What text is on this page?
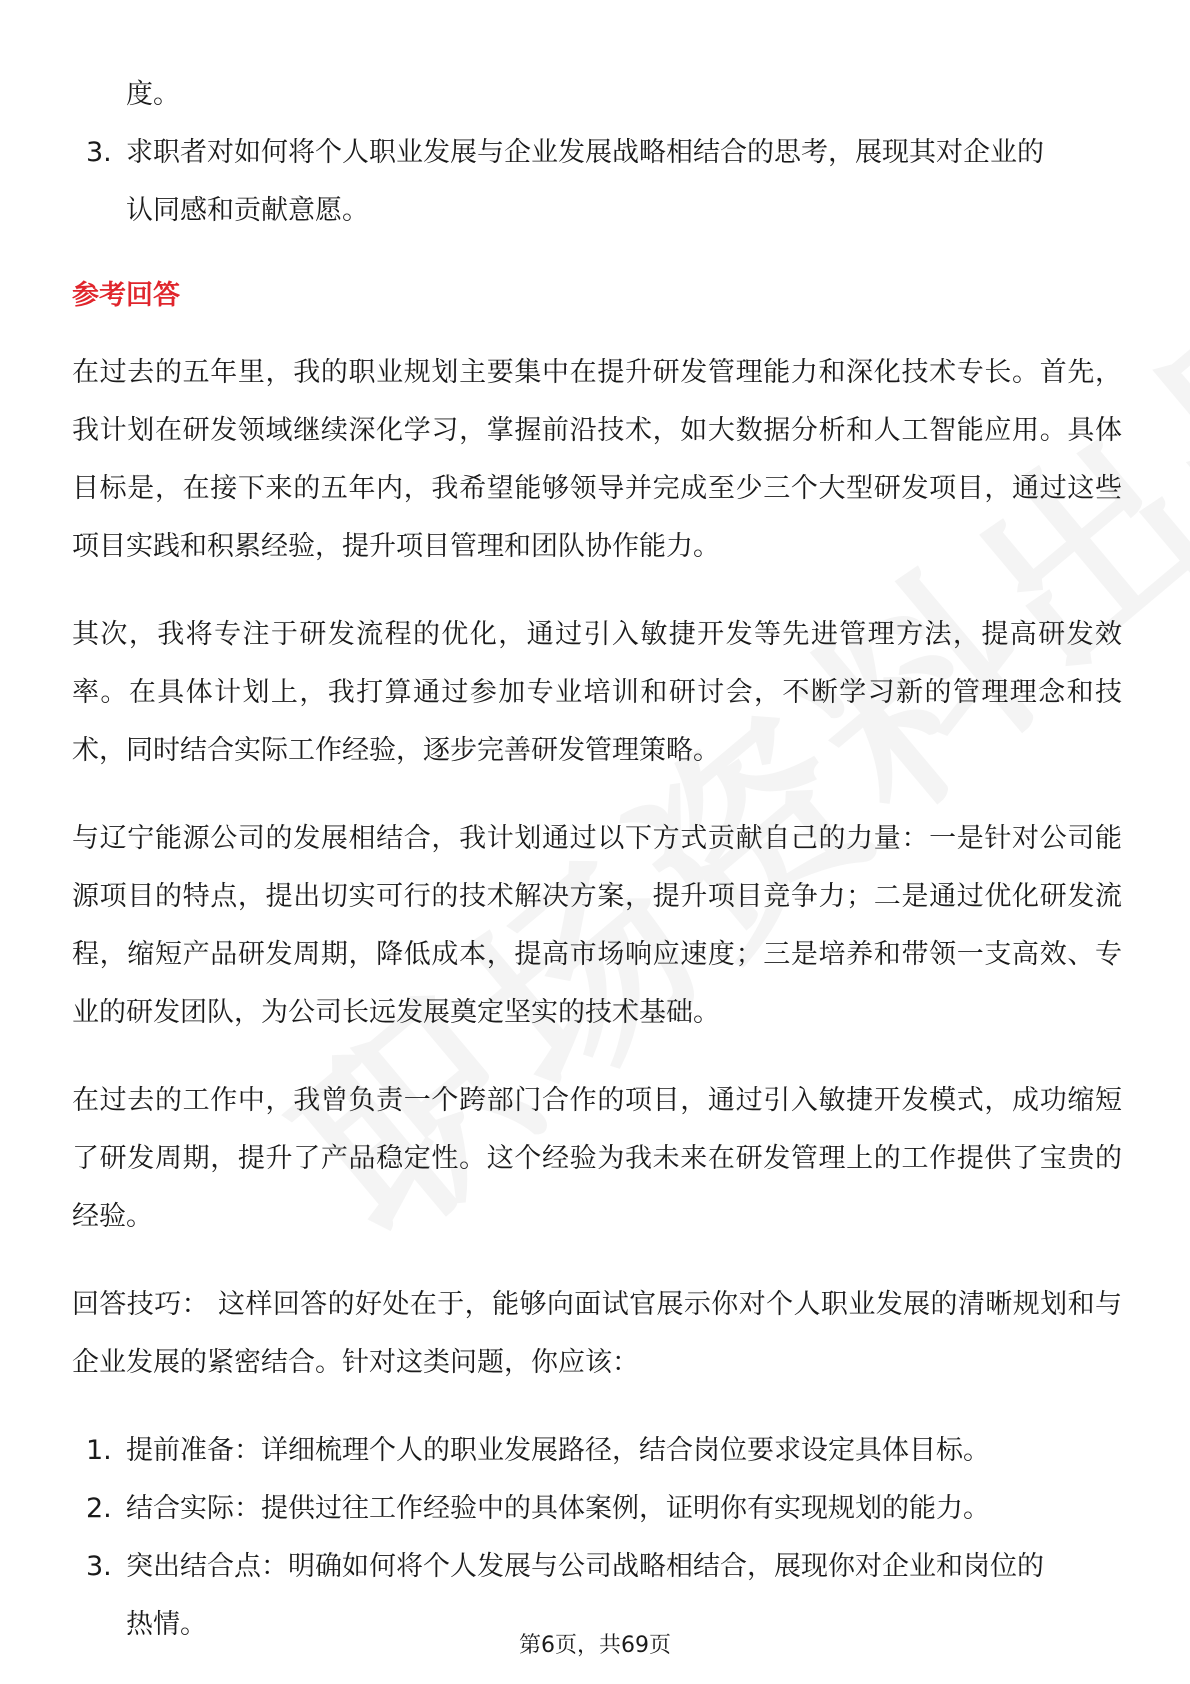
度。

3. 求职者对如何将个人职业发展与企业发展战略相结合的思考，展现其对企业的

认同感和贡献意愿。

参考回答

在过去的五年里，我的职业规划主要集中在提升研发管理能力和深化技术专长。首先，我计划在研发领域继续深化学习，掌握前沿技术，如大数据分析和人工智能应用。具体目标是，在接下来的五年内，我希望能够领导并完成至少三个大型研发项目，通过这些项目实践和积累经验，提升项目管理和团队协作能力。

其次，我将专注于研发流程的优化，通过引入敏捷开发等先进管理方法，提高研发效率。在具体计划上，我打算通过参加专业培训和研讨会，不断学习新的管理理念和技术，同时结合实际工作经验，逐步完善研发管理策略。

与辽宁能源公司的发展相结合，我计划通过以下方式贡献自己的力量：一是针对公司能源项目的特点，提出切实可行的技术解决方案，提升项目竞争力；二是通过优化研发流程，缩短产品研发周期，降低成本，提高市场响应速度；三是培养和带领一支高效、专业的研发团队，为公司长远发展奠定坚实的技术基础。

在过去的工作中，我曾负责一个跨部门合作的项目，通过引入敏捷开发模式，成功缩短了研发周期，提升了产品稳定性。这个经验为我未来在研发管理上的工作提供了宝贵的经验。

回答技巧： 这样回答的好处在于，能够向面试官展示你对个人职业发展的清晰规划和与企业发展的紧密结合。针对这类问题，你应该：

1. 提前准备：详细梳理个人的职业发展路径，结合岗位要求设定具体目标。

2. 结合实际：提供过往工作经验中的具体案例，证明你有实现规划的能力。

3. 突出结合点：明确如何将个人发展与公司战略相结合，展现你对企业和岗位的

热情。

第6页，共69页
